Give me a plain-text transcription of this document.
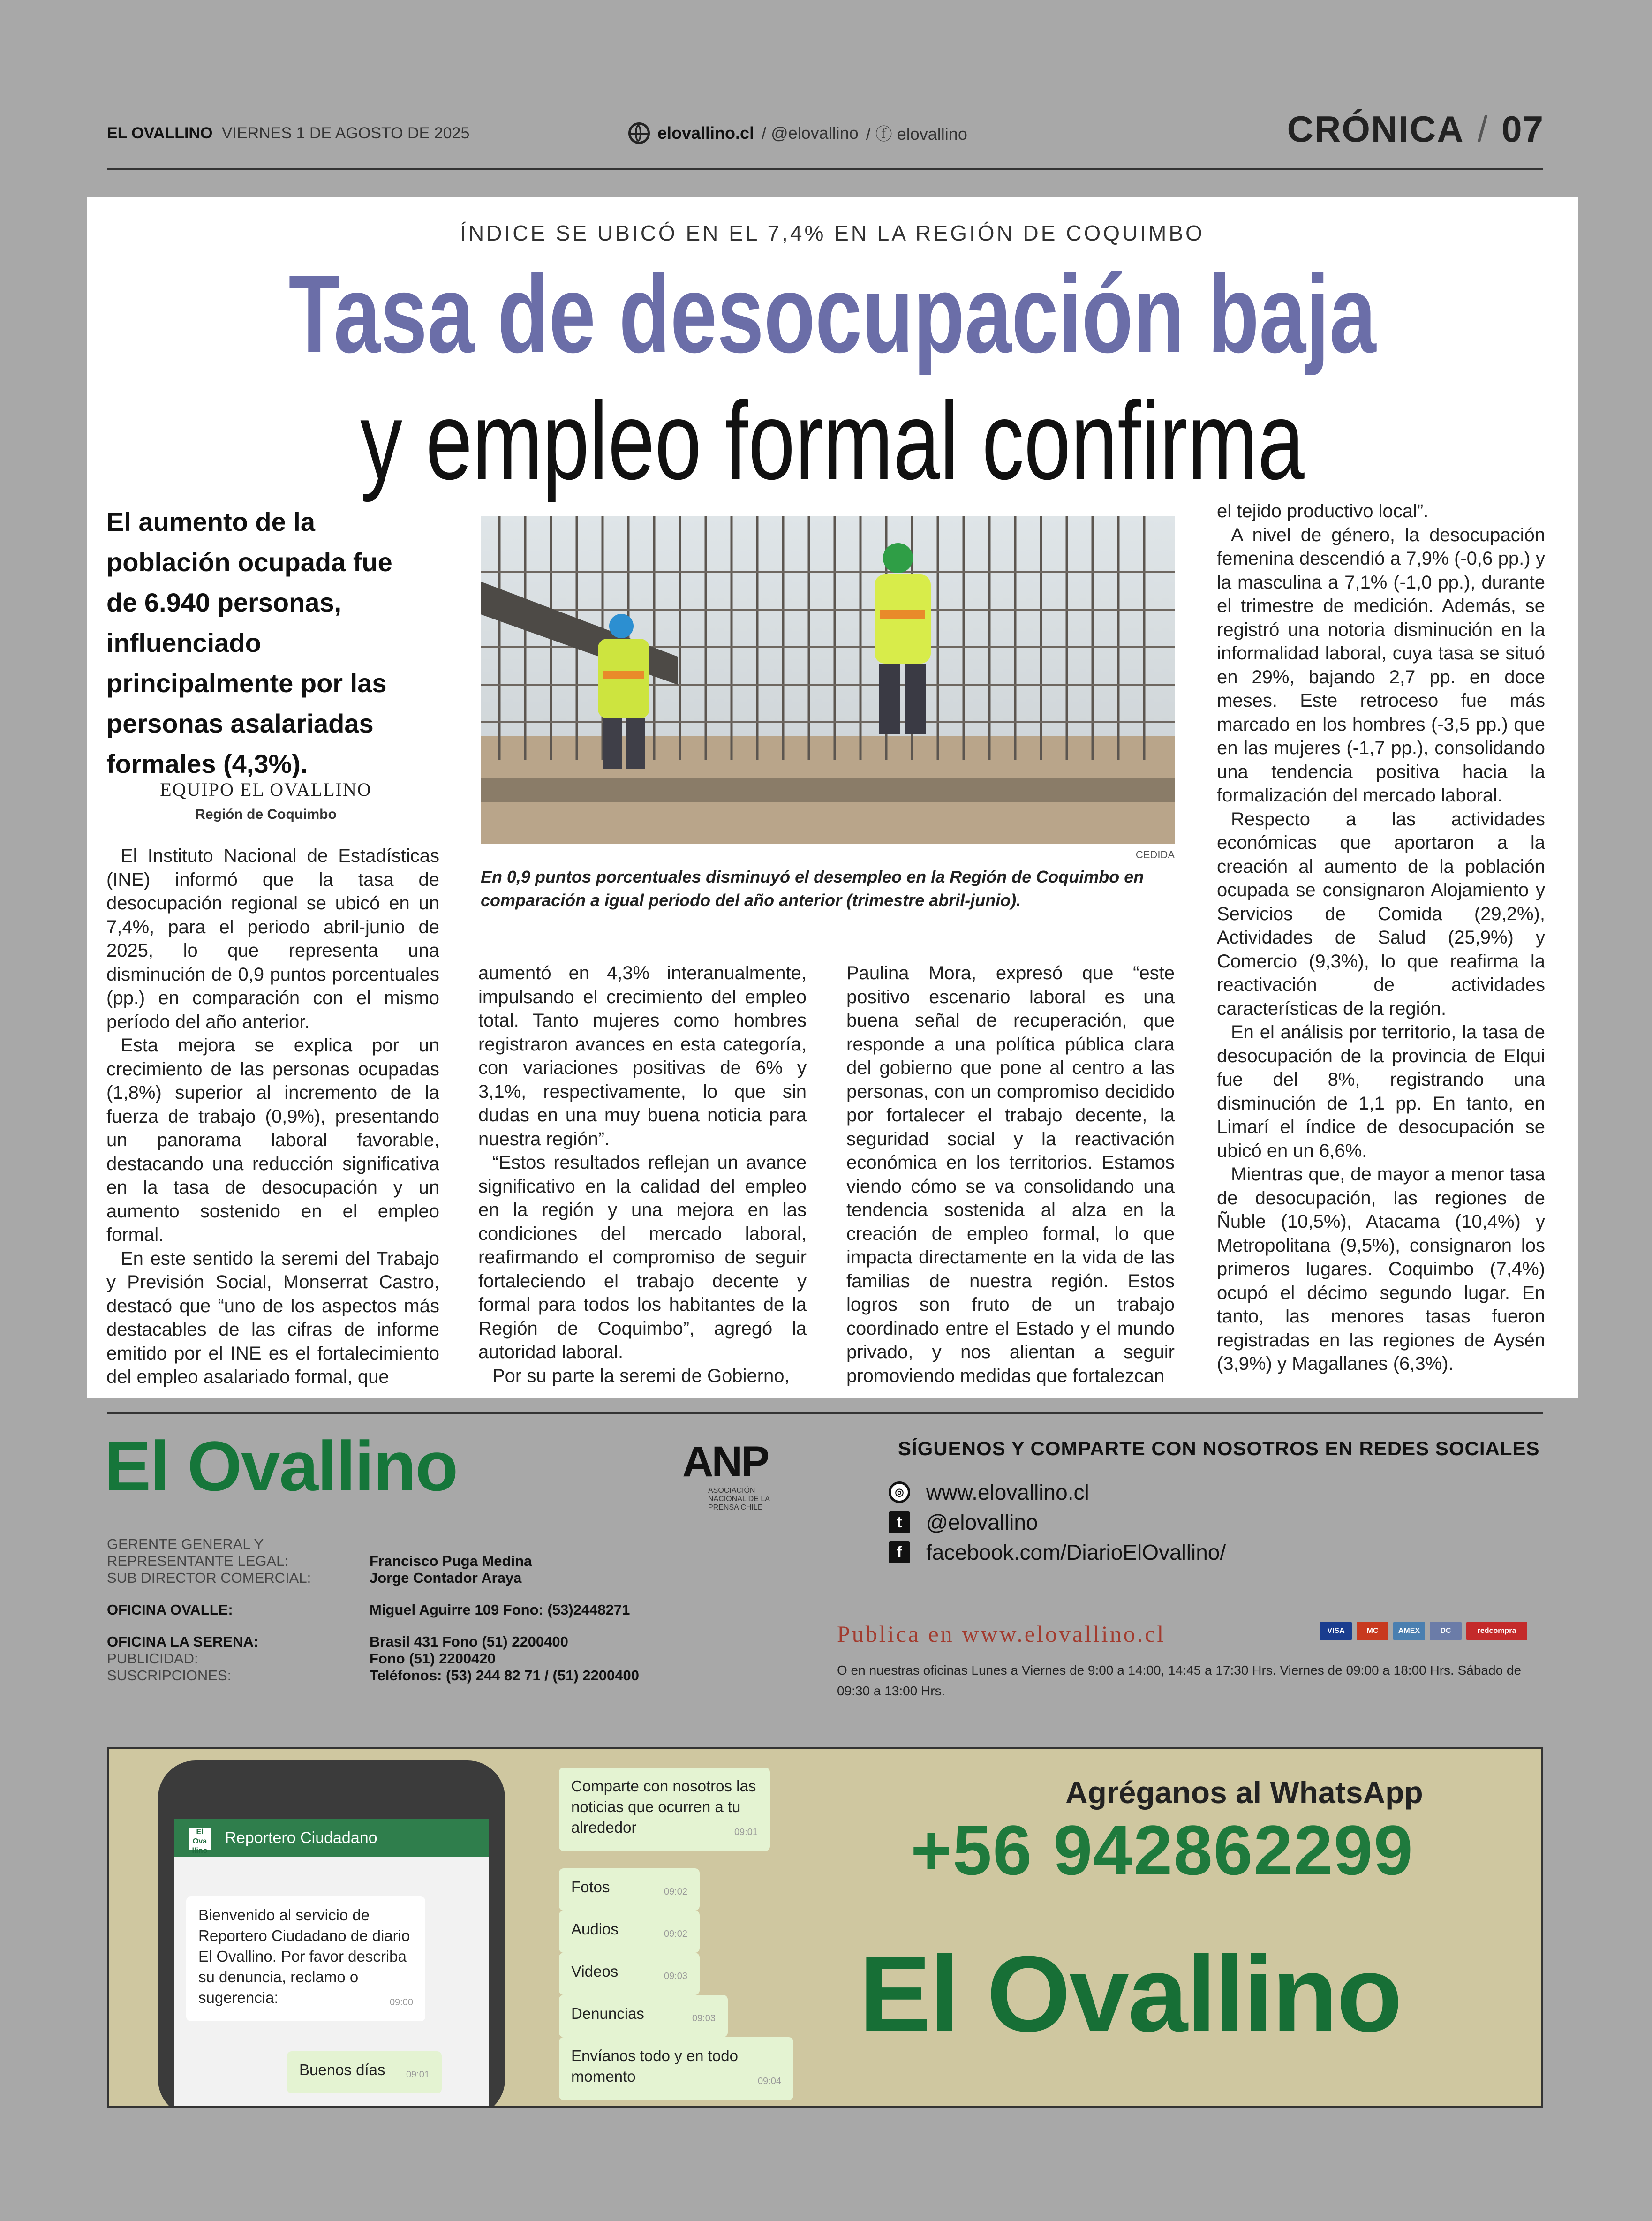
EL OVALLINO VIERNES 1 DE AGOSTO DE 2025	elovallino.cl / @elovallino / ⓕ elovallino	CRÓNICA / 07
ÍNDICE SE UBICÓ EN EL 7,4% EN LA REGIÓN DE COQUIMBO
Tasa de desocupación baja y empleo formal confirma
El aumento de la población ocupada fue de 6.940 personas, influenciado principalmente por las personas asalariadas formales (4,3%).
EQUIPO EL OVALLINO
Región de Coquimbo
CEDIDA
En 0,9 puntos porcentuales disminuyó el desempleo en la Región de Coquimbo en comparación a igual periodo del año anterior (trimestre abril-junio).

El Instituto Nacional de Estadísticas (INE) informó que la tasa de desocupación regional se ubicó en un 7,4%, para el periodo abril-junio de 2025, lo que representa una disminución de 0,9 puntos porcentuales (pp.) en comparación con el mismo período del año anterior.

Esta mejora se explica por un crecimiento de las personas ocupadas (1,8%) superior al incremento de la fuerza de trabajo (0,9%), presentando un panorama laboral favorable, destacando una reducción significativa en la tasa de desocupación y un aumento sostenido en el empleo formal.

En este sentido la seremi del Trabajo y Previsión Social, Monserrat Castro, destacó que “uno de los aspectos más destacables de las cifras de informe emitido por el INE es el fortalecimiento del empleo asalariado formal, que

aumentó en 4,3% interanualmente, impulsando el crecimiento del empleo total. Tanto mujeres como hombres registraron avances en esta categoría, con variaciones positivas de 6% y 3,1%, respectivamente, lo que sin dudas en una muy buena noticia para nuestra región”.

“Estos resultados reflejan un avance significativo en la calidad del empleo en la región y una mejora en las condiciones del mercado laboral, reafirmando el compromiso de seguir fortaleciendo el trabajo decente y formal para todos los habitantes de la Región de Coquimbo”, agregó la autoridad laboral.

Por su parte la seremi de Gobierno,

Paulina Mora, expresó que “este positivo escenario laboral es una buena señal de recuperación, que responde a una política pública clara del gobierno que pone al centro a las personas, con un compromiso decidido por fortalecer el trabajo decente, la seguridad social y la reactivación económica en los territorios. Estamos viendo cómo se va consolidando una tendencia sostenida al alza en la creación de empleo formal, lo que impacta directamente en la vida de las familias de nuestra región. Estos logros son fruto de un trabajo coordinado entre el Estado y el mundo privado, y nos alientan a seguir promoviendo medidas que fortalezcan

el tejido productivo local”.

A nivel de género, la desocupación femenina descendió a 7,9% (-0,6 pp.) y la masculina a 7,1% (-1,0 pp.), durante el trimestre de medición. Además, se registró una notoria disminución en la informalidad laboral, cuya tasa se situó en 29%, bajando 2,7 pp. en doce meses. Este retroceso fue más marcado en los hombres (-3,5 pp.) que en las mujeres (-1,7 pp.), consolidando una tendencia positiva hacia la formalización del mercado laboral.

Respecto a las actividades económicas que aportaron a la creación al aumento de la población ocupada se consignaron Alojamiento y Servicios de Comida (29,2%), Actividades de Salud (25,9%) y Comercio (9,3%), lo que reafirma la reactivación de actividades características de la región.

En el análisis por territorio, la tasa de desocupación de la provincia de Elqui fue del 8%, registrando una disminución de 1,1 pp. En tanto, en Limarí el índice de desocupación se ubicó en un 6,6%.

Mientras que, de mayor a menor tasa de desocupación, las regiones de Ñuble (10,5%), Atacama (10,4%) y Metropolitana (9,5%), consignaron los primeros lugares. Coquimbo (7,4%) ocupó el décimo segundo lugar. En tanto, las menores tasas fueron registradas en las regiones de Aysén (3,9%) y Magallanes (6,3%).

El Ovallino	ANP
ASOCIACIÓN NACIONAL DE LA PRENSA CHILE
GERENTE GENERAL Y
REPRESENTANTE LEGAL:	Francisco Puga Medina
SUB DIRECTOR COMERCIAL:	Jorge Contador Araya
OFICINA OVALLE:	Miguel Aguirre 109 Fono: (53)2448271
OFICINA LA SERENA:	Brasil 431 Fono (51) 2200400
PUBLICIDAD:	Fono (51) 2200420
SUSCRIPCIONES:	Teléfonos: (53) 244 82 71 / (51) 2200400
SÍGUENOS Y COMPARTE CON NOSOTROS EN REDES SOCIALES
◎ www.elovallino.cl
t	@elovallino
f	facebook.com/DiarioElOvallino/
Publica en www.elovallino.cl	VISA	MC	AMEX	DC	redcompra
O en nuestras oficinas Lunes a Viernes de 9:00 a 14:00, 14:45 a 17:30 Hrs. Viernes de 09:00 a 18:00 Hrs. Sábado de 09:30 a 13:00 Hrs.
El Ova llino Reportero Ciudadano
Bienvenido al servicio de Reportero Ciudadano de diario El Ovallino. Por favor describa su denuncia, reclamo o sugerencia:	09:00
Buenos días 09:01
Comparte con nosotros las noticias que ocurren a tu alrededor	09:01
Fotos	09:02
Audios	09:02
Videos	09:03
Denuncias	09:03
Envíanos todo y en todo momento	09:04
Agréganos al WhatsApp
+56 942862299
El Ovallino
